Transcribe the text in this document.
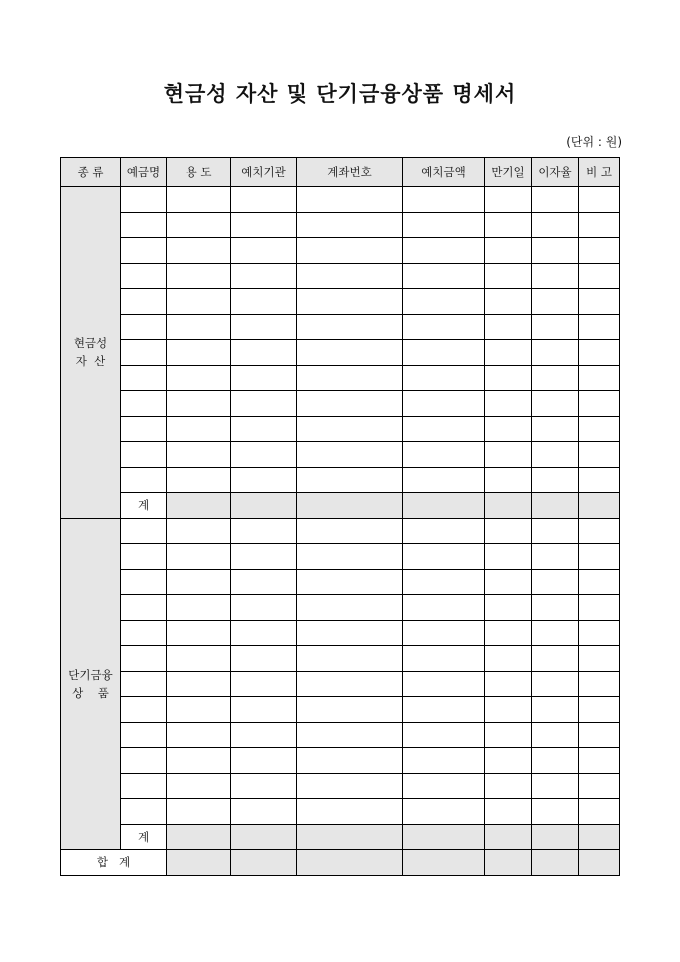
현금성 자산 및 단기금융상품 명세서
(단위 : 원)
종 류	예금명	용 도	예치기관	계좌번호	예치금액	만기일	이자율	비 고

현금성
자  산								

	계							

단기금융
상    품								

	계							
합   계								
